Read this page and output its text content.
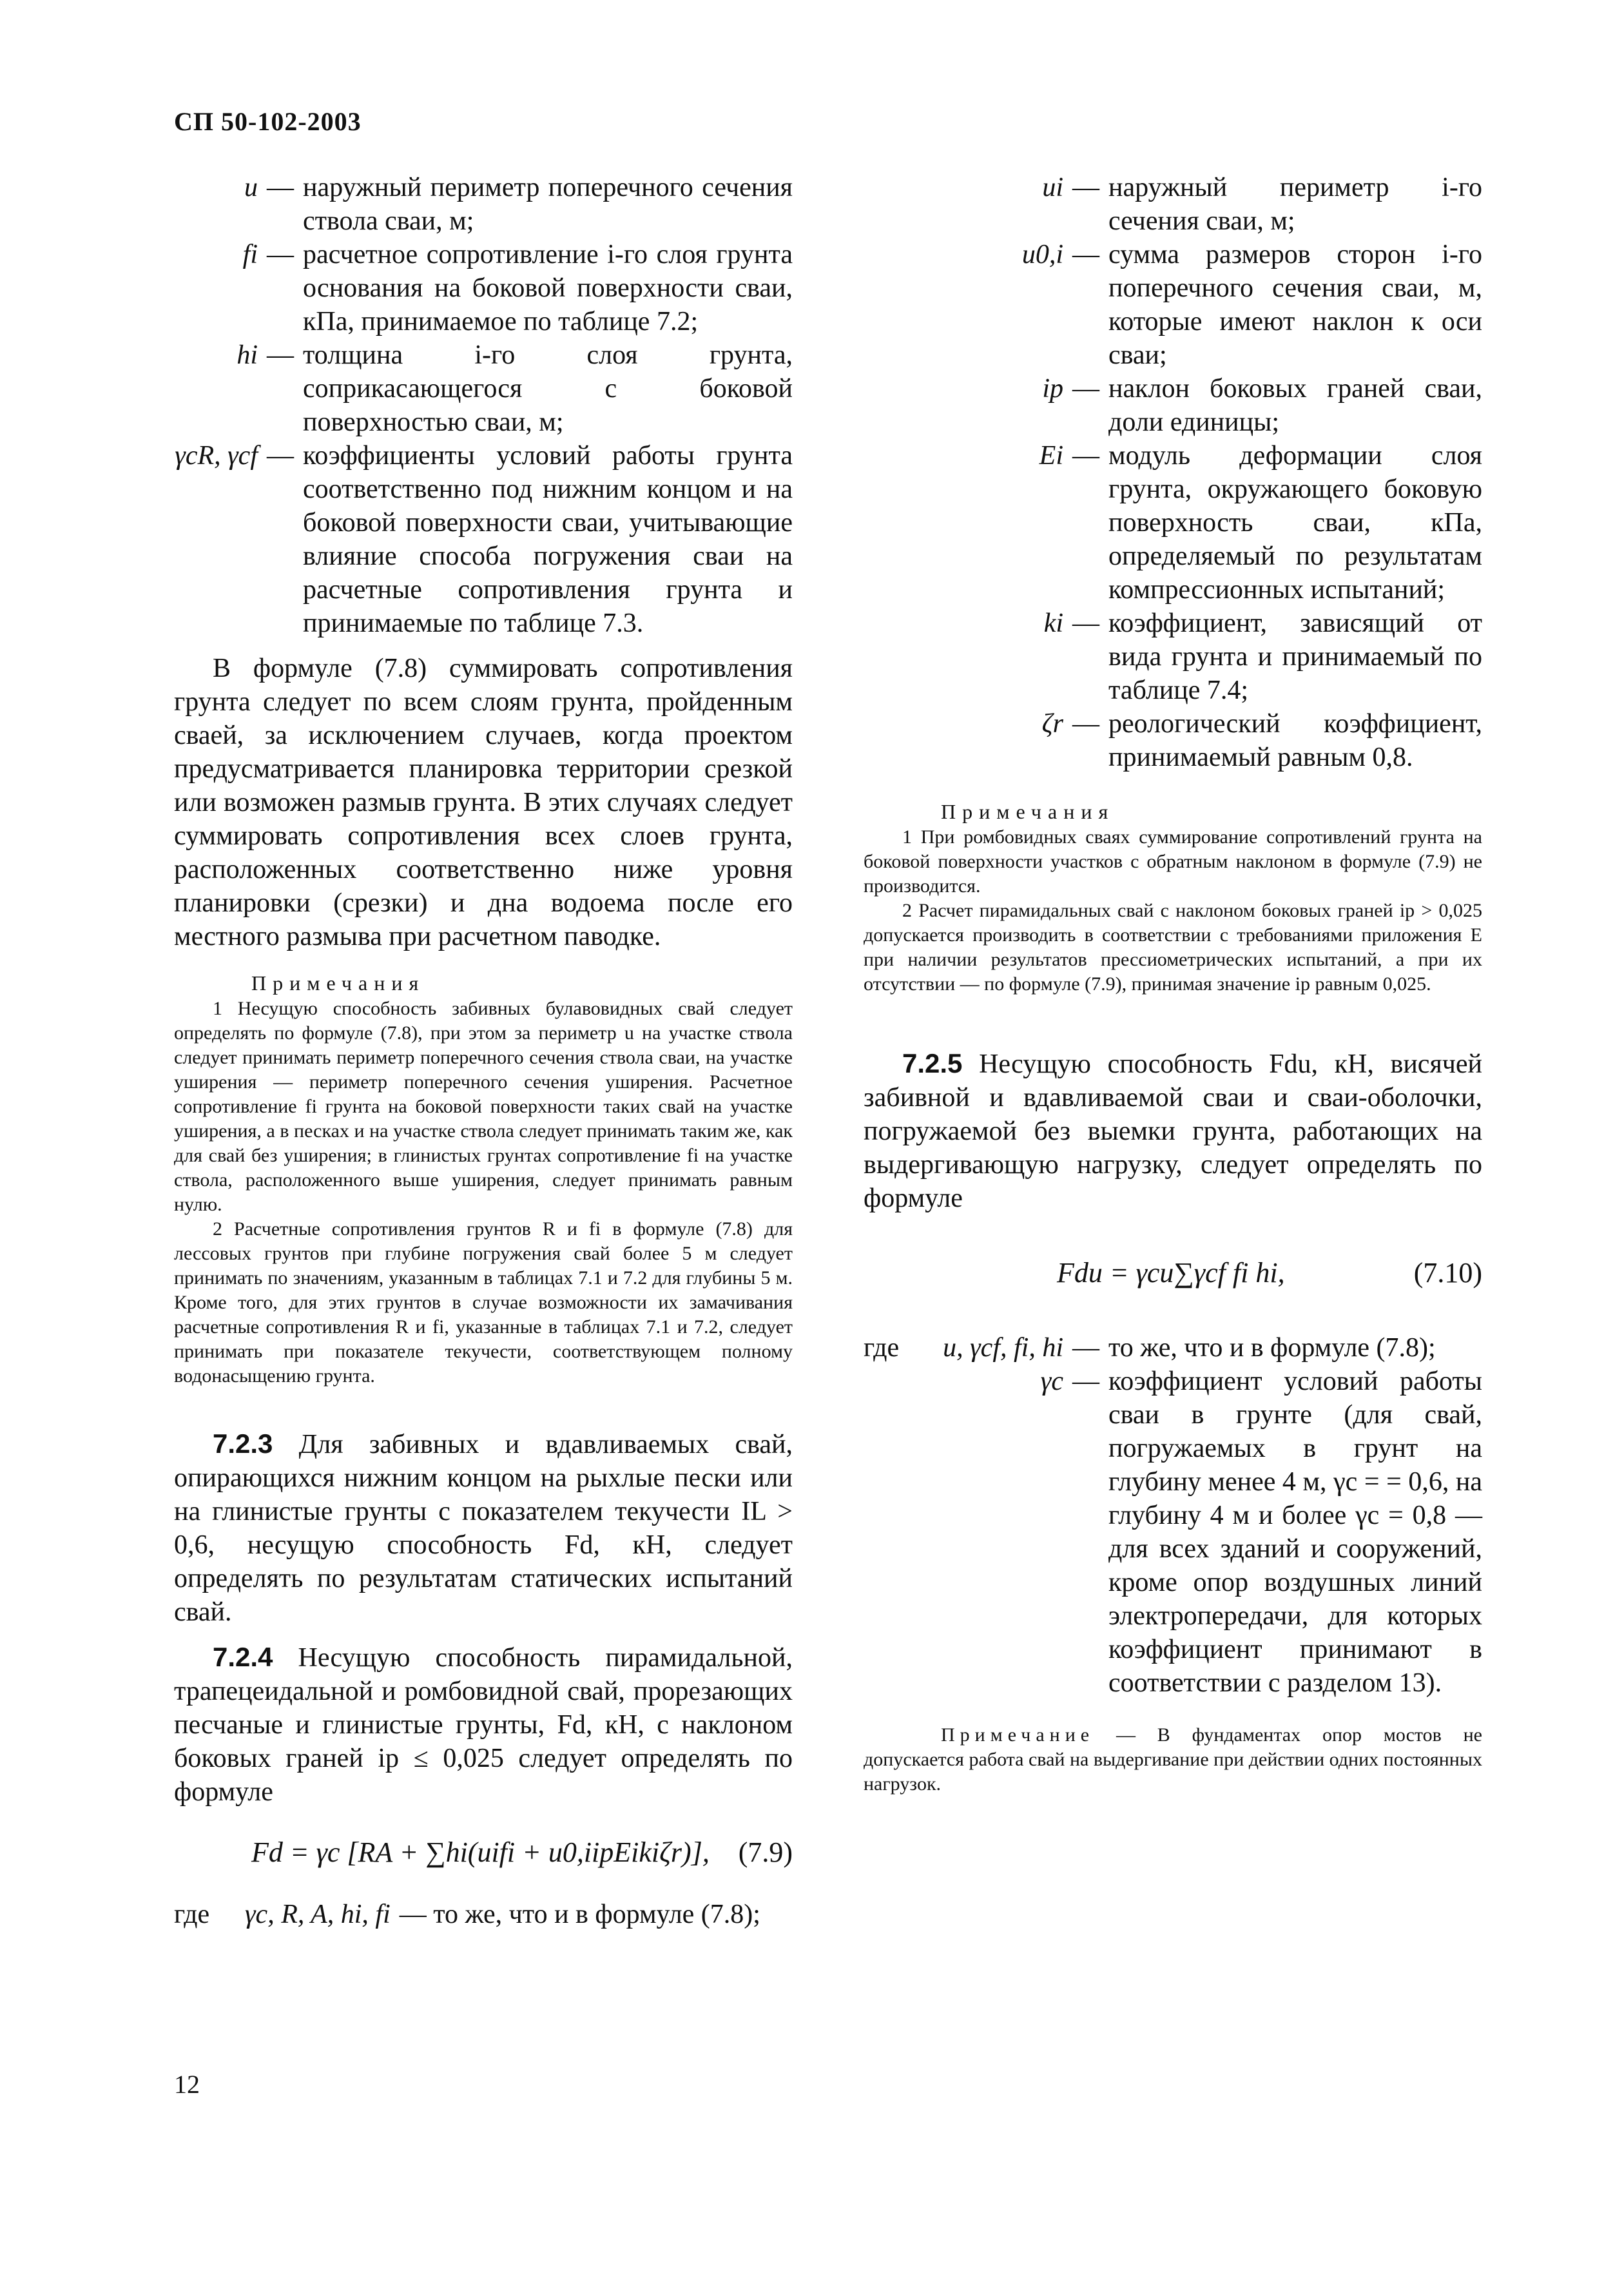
СП 50-102-2003
u — наружный периметр поперечного сечения ствола сваи, м;
fi — расчетное сопротивление i-го слоя грунта основания на боковой поверхности сваи, кПа, принимаемое по таблице 7.2;
hi — толщина i-го слоя грунта, соприкасающегося с боковой поверхностью сваи, м;
γcR, γcf — коэффициенты условий работы грунта соответственно под нижним концом и на боковой поверхности сваи, учитывающие влияние способа погружения сваи на расчетные сопротивления грунта и принимаемые по таблице 7.3.

В формуле (7.8) суммировать сопротивления грунта следует по всем слоям грунта, пройденным сваей, за исключением случаев, когда проектом предусматривается планировка территории срезкой или возможен размыв грунта. В этих случаях следует суммировать сопротивления всех слоев грунта, расположенных соответственно ниже уровня планировки (срезки) и дна водоема после его местного размыва при расчетном паводке.

Примечания

1 Несущую способность забивных булавовидных свай следует определять по формуле (7.8), при этом за периметр u на участке ствола следует принимать периметр поперечного сечения ствола сваи, на участке уширения — периметр поперечного сечения уширения. Расчетное сопротивление fi грунта на боковой поверхности таких свай на участке уширения, а в песках и на участке ствола следует принимать таким же, как для свай без уширения; в глинистых грунтах сопротивление fi на участке ствола, расположенного выше уширения, следует принимать равным нулю.

2 Расчетные сопротивления грунтов R и fi в формуле (7.8) для лессовых грунтов при глубине погружения свай более 5 м следует принимать по значениям, указанным в таблицах 7.1 и 7.2 для глубины 5 м. Кроме того, для этих грунтов в случае возможности их замачивания расчетные сопротивления R и fi, указанные в таблицах 7.1 и 7.2, следует принимать при показателе текучести, соответствующем полному водонасыщению грунта.

7.2.3 Для забивных и вдавливаемых свай, опирающихся нижним концом на рыхлые пески или на глинистые грунты с показателем текучести IL > 0,6, несущую способность Fd, кН, следует определять по результатам статических испытаний свай.

7.2.4 Несущую способность пирамидальной, трапецеидальной и ромбовидной свай, прорезающих песчаные и глинистые грунты, Fd, кН, с наклоном боковых граней ip ≤ 0,025 следует определять по формуле

Fd = γc [RA + ∑hi(uifi + u0,iipEikiζr)], (7.9)
где	γc, R, A, hi, fi — то же, что и в формуле (7.8);
ui — наружный периметр i-го сечения сваи, м;
u0,i — сумма размеров сторон i-го поперечного сечения сваи, м, которые имеют наклон к оси сваи;
ip — наклон боковых граней сваи, доли единицы;
Ei — модуль деформации слоя грунта, окружающего боковую поверхность сваи, кПа, определяемый по результатам компрессионных испытаний;
ki — коэффициент, зависящий от вида грунта и принимаемый по таблице 7.4;
ζr — реологический коэффициент, принимаемый равным 0,8.
Примечания

1 При ромбовидных сваях суммирование сопротивлений грунта на боковой поверхности участков с обратным наклоном в формуле (7.9) не производится.

2 Расчет пирамидальных свай с наклоном боковых граней ip > 0,025 допускается производить в соответствии с требованиями приложения Е при наличии результатов прессиометрических испытаний, а при их отсутствии — по формуле (7.9), принимая значение ip равным 0,025.

7.2.5 Несущую способность Fdu, кН, висячей забивной и вдавливаемой сваи и сваи-оболочки, погружаемой без выемки грунта, работающих на выдергивающую нагрузку, следует определять по формуле

Fdu = γcu∑γcf fi hi,	(7.10)
где	u, γcf, fi, hi — то же, что и в формуле (7.8);
γc — коэффициент условий работы сваи в грунте (для свай, погружаемых в грунт на глубину менее 4 м, γc = = 0,6, на глубину 4 м и более γc = 0,8 — для всех зданий и сооружений, кроме опор воздушных линий электропередачи, для которых коэффициент принимают в соответствии с разделом 13).

Примечание — В фундаментах опор мостов не допускается работа свай на выдергивание при действии одних постоянных нагрузок.

12
